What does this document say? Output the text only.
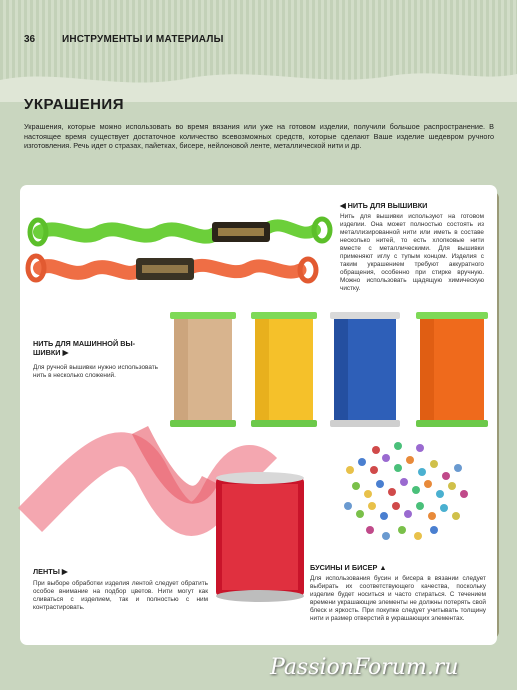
36	ИНСТРУМЕНТЫ И МАТЕРИАЛЫ
УКРАШЕНИЯ
Украшения, которые можно использовать во время вязания или уже на готовом изделии, получили большое распространение. В настоящее время существует достаточное количество всевозможных средств, которые сделают Ваше изделие шедевром ручного изготовления. Речь идет о стразах, пайетках, бисере, нейлоновой ленте, металлической нити и др.
◀ НИТЬ ДЛЯ ВЫШИВКИ
Нить для вышивки используют на готовом изделии. Она может полностью состоять из металлизированной нити или иметь в составе несколько нитей, то есть хлопковые нити вместе с металлическими. Для вышивки применяют иглу с тупым концом. Изделия с таким украшением требуют аккуратного обращения, особенно при стирке вручную. Можно использовать щадящую химическую чистку.
НИТЬ ДЛЯ МАШИННОЙ ВЫ-
ШИВКИ ▶
Для ручной вышивки нужно использовать нить в несколько сложений.
ЛЕНТЫ ▶
При выборе обработки изделия лентой следует обратить особое внимание на подбор цветов. Нити могут как сливаться с изделием, так и полностью с ним контрастировать.
БУСИНЫ И БИСЕР ▲
Для использования бусин и бисера в вязании следует выбирать их соответствующего качества, поскольку изделие будет носиться и часто стираться. С течением времени украшающие элементы не должны потерять свой блеск и яркость. При покупке следует учитывать толщину нити и размер отверстий в украшающих элементах.
PassionForum.ru
